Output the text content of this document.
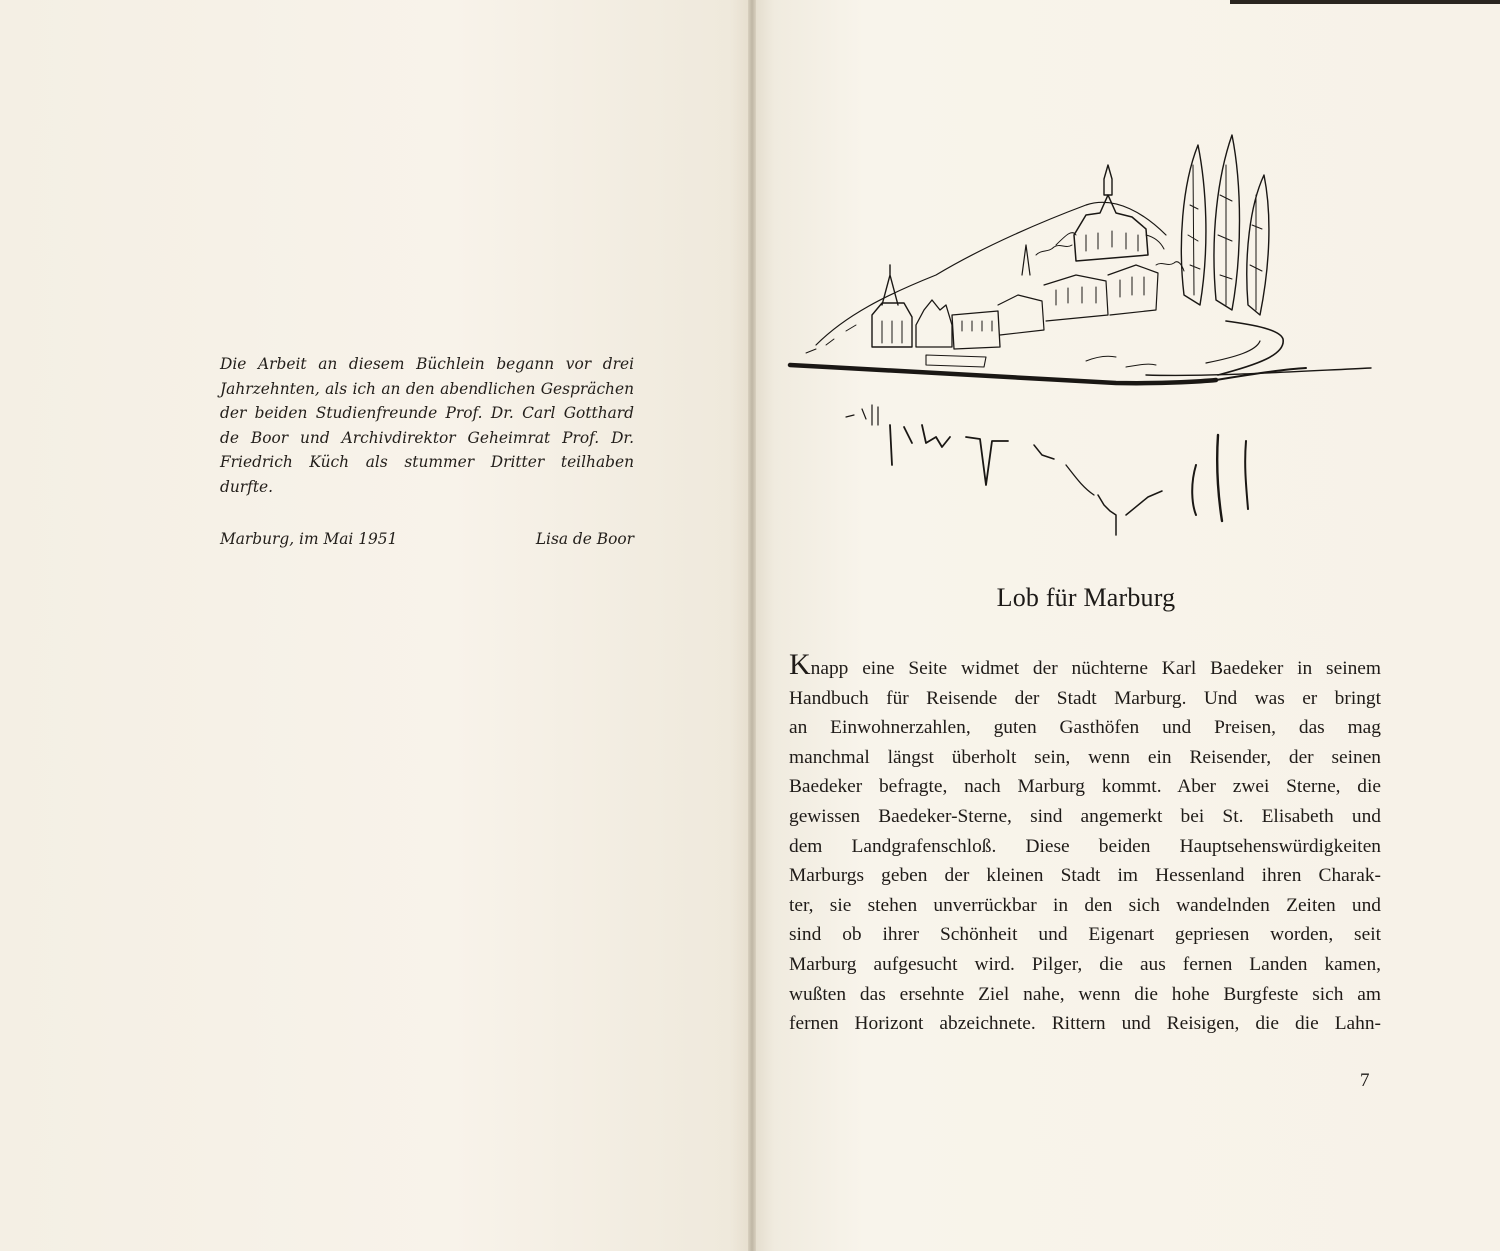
Die Arbeit an diesem Büchlein begann vor drei
Jahrzehnten, als ich an den abendlichen Gesprächen
der beiden Studienfreunde Prof. Dr. Carl Gotthard
de Boor und Archivdirektor Geheimrat Prof. Dr.
Friedrich Küch als stummer Dritter teilhaben
durfte.
Marburg, im Mai 1951	Lisa de Boor
Lob für Marburg
Knapp eine Seite widmet der nüchterne Karl Baedeker in seinem
Handbuch für Reisende der Stadt Marburg. Und was er bringt
an Einwohnerzahlen, guten Gasthöfen und Preisen, das mag
manchmal längst überholt sein, wenn ein Reisender, der seinen
Baedeker befragte, nach Marburg kommt. Aber zwei Sterne, die
gewissen Baedeker-Sterne, sind angemerkt bei St. Elisabeth und
dem Landgrafenschloß. Diese beiden Hauptsehenswürdigkeiten
Marburgs geben der kleinen Stadt im Hessenland ihren Charak-
ter, sie stehen unverrückbar in den sich wandelnden Zeiten und
sind ob ihrer Schönheit und Eigenart gepriesen worden, seit
Marburg aufgesucht wird. Pilger, die aus fernen Landen kamen,
wußten das ersehnte Ziel nahe, wenn die hohe Burgfeste sich am
fernen Horizont abzeichnete. Rittern und Reisigen, die die Lahn-
7
